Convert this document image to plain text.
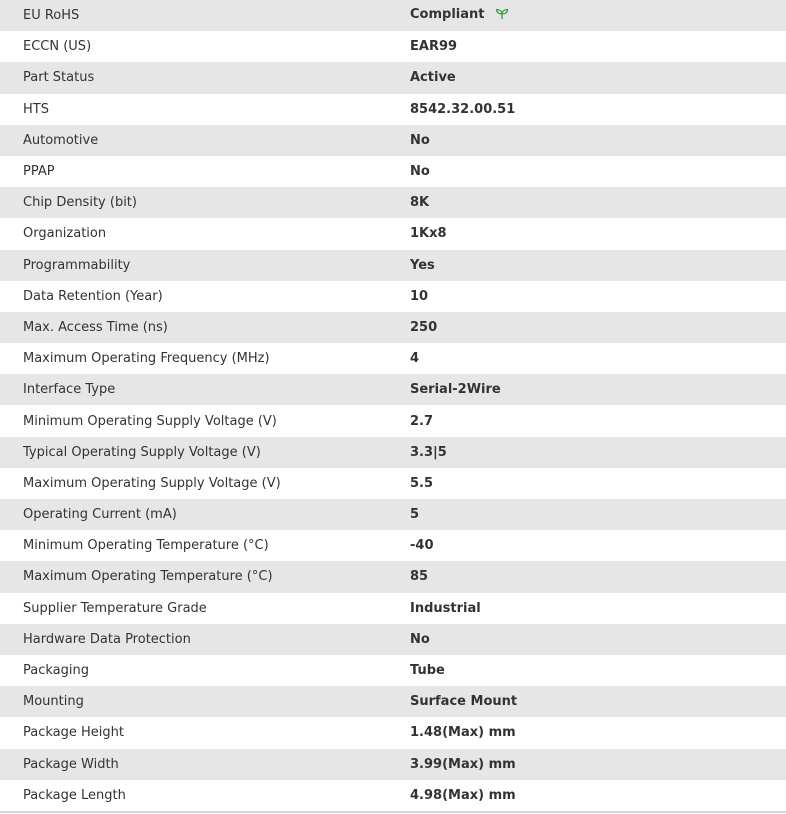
EU RoHS	Compliant
ECCN (US)	EAR99
Part Status	Active
HTS	8542.32.00.51
Automotive	No
PPAP	No
Chip Density (bit)	8K
Organization	1Kx8
Programmability	Yes
Data Retention (Year)	10
Max. Access Time (ns)	250
Maximum Operating Frequency (MHz)	4
Interface Type	Serial-2Wire
Minimum Operating Supply Voltage (V)	2.7
Typical Operating Supply Voltage (V)	3.3|5
Maximum Operating Supply Voltage (V)	5.5
Operating Current (mA)	5
Minimum Operating Temperature (°C)	-40
Maximum Operating Temperature (°C)	85
Supplier Temperature Grade	Industrial
Hardware Data Protection	No
Packaging	Tube
Mounting	Surface Mount
Package Height	1.48(Max) mm
Package Width	3.99(Max) mm
Package Length	4.98(Max) mm
